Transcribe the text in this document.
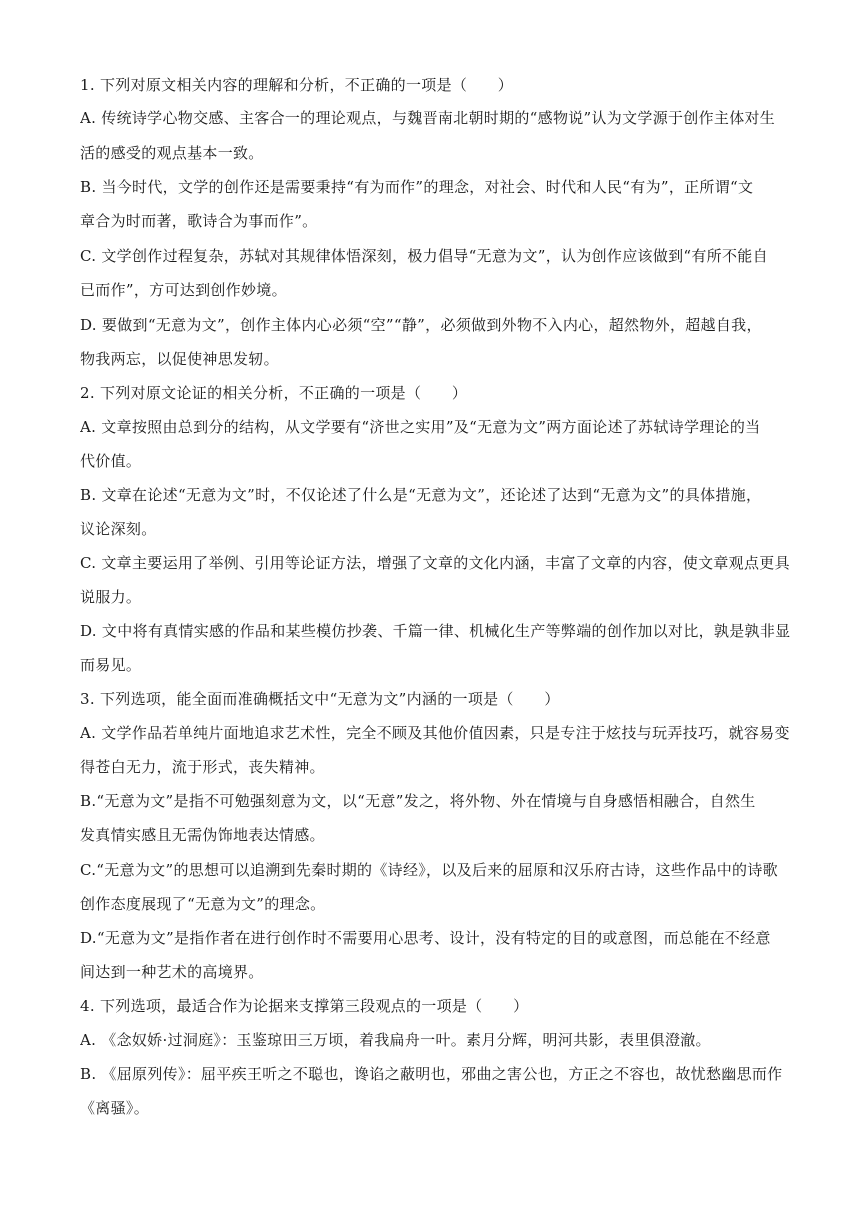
1. 下列对原文相关内容的理解和分析，不正确的一项是（　　）
A. 传统诗学心物交感、主客合一的理论观点，与魏晋南北朝时期的“感物说”认为文学源于创作主体对生
活的感受的观点基本一致。
B. 当今时代，文学的创作还是需要秉持“有为而作”的理念，对社会、时代和人民“有为”，正所谓“文
章合为时而著，歌诗合为事而作”。
C. 文学创作过程复杂，苏轼对其规律体悟深刻，极力倡导“无意为文”，认为创作应该做到“有所不能自
已而作”，方可达到创作妙境。
D. 要做到“无意为文”，创作主体内心必须“空”“静”，必须做到外物不入内心，超然物外，超越自我，
物我两忘，以促使神思发轫。
2. 下列对原文论证的相关分析，不正确的一项是（　　）
A. 文章按照由总到分的结构，从文学要有“济世之实用”及“无意为文”两方面论述了苏轼诗学理论的当
代价值。
B. 文章在论述“无意为文”时，不仅论述了什么是“无意为文”，还论述了达到“无意为文”的具体措施，
议论深刻。
C. 文章主要运用了举例、引用等论证方法，增强了文章的文化内涵，丰富了文章的内容，使文章观点更具
说服力。
D. 文中将有真情实感的作品和某些模仿抄袭、千篇一律、机械化生产等弊端的创作加以对比，孰是孰非显
而易见。
3. 下列选项，能全面而准确概括文中“无意为文”内涵的一项是（　　）
A. 文学作品若单纯片面地追求艺术性，完全不顾及其他价值因素，只是专注于炫技与玩弄技巧，就容易变
得苍白无力，流于形式，丧失精神。
B.“无意为文”是指不可勉强刻意为文，以“无意”发之，将外物、外在情境与自身感悟相融合，自然生
发真情实感且无需伪饰地表达情感。
C.“无意为文”的思想可以追溯到先秦时期的《诗经》，以及后来的屈原和汉乐府古诗，这些作品中的诗歌
创作态度展现了“无意为文”的理念。
D.“无意为文”是指作者在进行创作时不需要用心思考、设计，没有特定的目的或意图，而总能在不经意
间达到一种艺术的高境界。
4. 下列选项，最适合作为论据来支撑第三段观点的一项是（　　）
A. 《念奴娇·过洞庭》：玉鉴琼田三万顷，着我扁舟一叶。素月分辉，明河共影，表里俱澄澈。
B. 《屈原列传》：屈平疾王听之不聪也，谗谄之蔽明也，邪曲之害公也，方正之不容也，故忧愁幽思而作
《离骚》。
